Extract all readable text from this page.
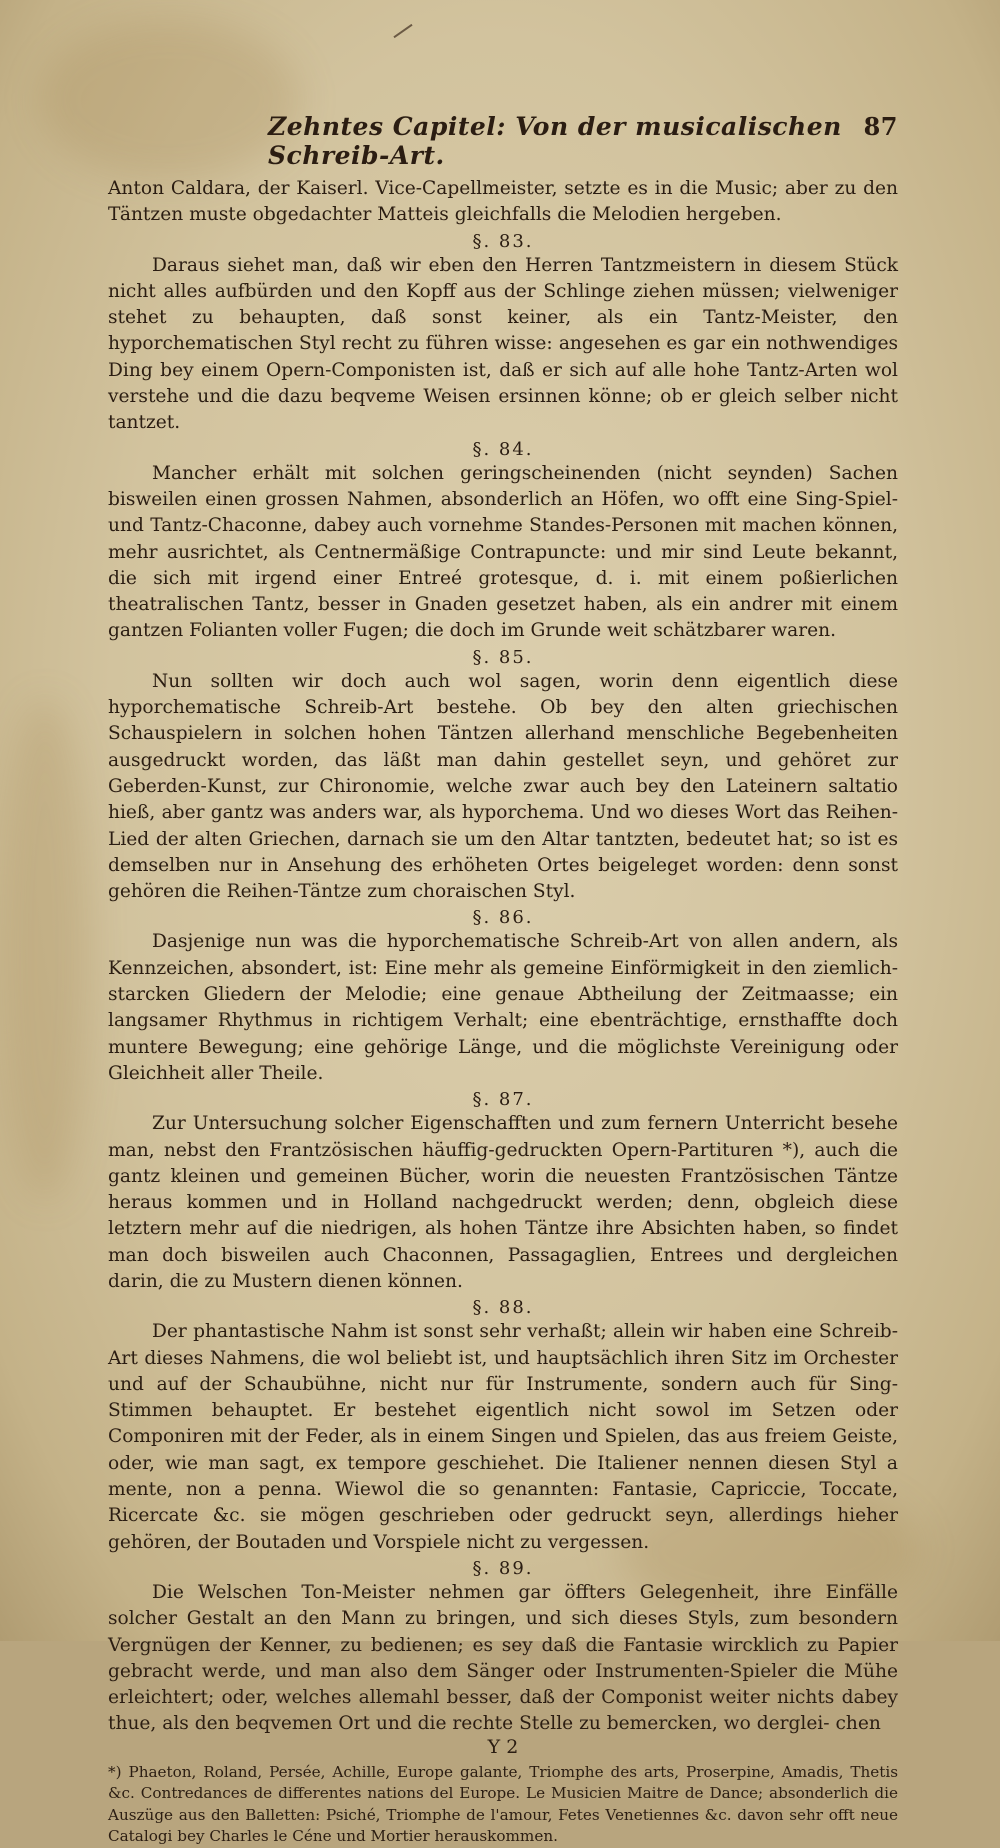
Zehntes Capitel: Von der musicalischen Schreib-Art.
87

Anton Caldara, der Kaiserl. Vice-Capellmeister, setzte es in die Music; aber zu den Täntzen muste obgedachter Matteis gleichfalls die Melodien hergeben.

§. 83.

Daraus siehet man, daß wir eben den Herren Tantzmeistern in diesem Stück nicht alles aufbürden und den Kopff aus der Schlinge ziehen müssen; vielweniger stehet zu behaupten, daß sonst keiner, als ein Tantz-Meister, den hyporchematischen Styl recht zu führen wisse: angesehen es gar ein nothwendiges Ding bey einem Opern-Componisten ist, daß er sich auf alle hohe Tantz-Arten wol verstehe und die dazu beqveme Weisen ersinnen könne; ob er gleich selber nicht tantzet.

§. 84.

Mancher erhält mit solchen geringscheinenden (nicht seynden) Sachen bisweilen einen grossen Nahmen, absonderlich an Höfen, wo offt eine Sing-Spiel- und Tantz-Chaconne, dabey auch vornehme Standes-Personen mit machen können, mehr ausrichtet, als Centnermäßige Contrapuncte: und mir sind Leute bekannt, die sich mit irgend einer Entreé grotesque, d. i. mit einem poßierlichen theatralischen Tantz, besser in Gnaden gesetzet haben, als ein andrer mit einem gantzen Folianten voller Fugen; die doch im Grunde weit schätzbarer waren.

§. 85.

Nun sollten wir doch auch wol sagen, worin denn eigentlich diese hyporchematische Schreib-Art bestehe. Ob bey den alten griechischen Schauspielern in solchen hohen Täntzen allerhand menschliche Begebenheiten ausgedruckt worden, das läßt man dahin gestellet seyn, und gehöret zur Geberden-Kunst, zur Chironomie, welche zwar auch bey den Lateinern saltatio hieß, aber gantz was anders war, als hyporchema. Und wo dieses Wort das Reihen-Lied der alten Griechen, darnach sie um den Altar tantzten, bedeutet hat; so ist es demselben nur in Ansehung des erhöheten Ortes beigeleget worden: denn sonst gehören die Reihen-Täntze zum choraischen Styl.

§. 86.

Dasjenige nun was die hyporchematische Schreib-Art von allen andern, als Kennzeichen, absondert, ist: Eine mehr als gemeine Einförmigkeit in den ziemlich-starcken Gliedern der Melodie; eine genaue Abtheilung der Zeitmaasse; ein langsamer Rhythmus in richtigem Verhalt; eine ebenträchtige, ernsthaffte doch muntere Bewegung; eine gehörige Länge, und die möglichste Vereinigung oder Gleichheit aller Theile.

§. 87.

Zur Untersuchung solcher Eigenschafften und zum fernern Unterricht besehe man, nebst den Frantzösischen häuffig-gedruckten Opern-Partituren *), auch die gantz kleinen und gemeinen Bücher, worin die neuesten Frantzösischen Täntze heraus kommen und in Holland nachgedruckt werden; denn, obgleich diese letztern mehr auf die niedrigen, als hohen Täntze ihre Absichten haben, so findet man doch bisweilen auch Chaconnen, Passagaglien, Entrees und dergleichen darin, die zu Mustern dienen können.

§. 88.

Der phantastische Nahm ist sonst sehr verhaßt; allein wir haben eine Schreib-Art dieses Nahmens, die wol beliebt ist, und hauptsächlich ihren Sitz im Orchester und auf der Schaubühne, nicht nur für Instrumente, sondern auch für Sing-Stimmen behauptet. Er bestehet eigentlich nicht sowol im Setzen oder Componiren mit der Feder, als in einem Singen und Spielen, das aus freiem Geiste, oder, wie man sagt, ex tempore geschiehet. Die Italiener nennen diesen Styl a mente, non a penna. Wiewol die so genannten: Fantasie, Capriccie, Toccate, Ricercate &c. sie mögen geschrieben oder gedruckt seyn, allerdings hieher gehören, der Boutaden und Vorspiele nicht zu vergessen.

§. 89.

Die Welschen Ton-Meister nehmen gar öffters Gelegenheit, ihre Einfälle solcher Gestalt an den Mann zu bringen, und sich dieses Styls, zum besondern Vergnügen der Kenner, zu bedienen; es sey daß die Fantasie wircklich zu Papier gebracht werde, und man also dem Sänger oder Instrumenten-Spieler die Mühe erleichtert; oder, welches allemahl besser, daß der Componist weiter nichts dabey thue, als den beqvemen Ort und die rechte Stelle zu bemercken, wo derglei- chen

Y 2

*) Phaeton, Roland, Persée, Achille, Europe galante, Triomphe des arts, Proserpine, Amadis, Thetis &c. Contredances de differentes nations del Europe. Le Musicien Maitre de Dance; absonderlich die Auszüge aus den Balletten: Psiché, Triomphe de l'amour, Fetes Venetiennes &c. davon sehr offt neue Catalogi bey Charles le Céne und Mortier herauskommen.
